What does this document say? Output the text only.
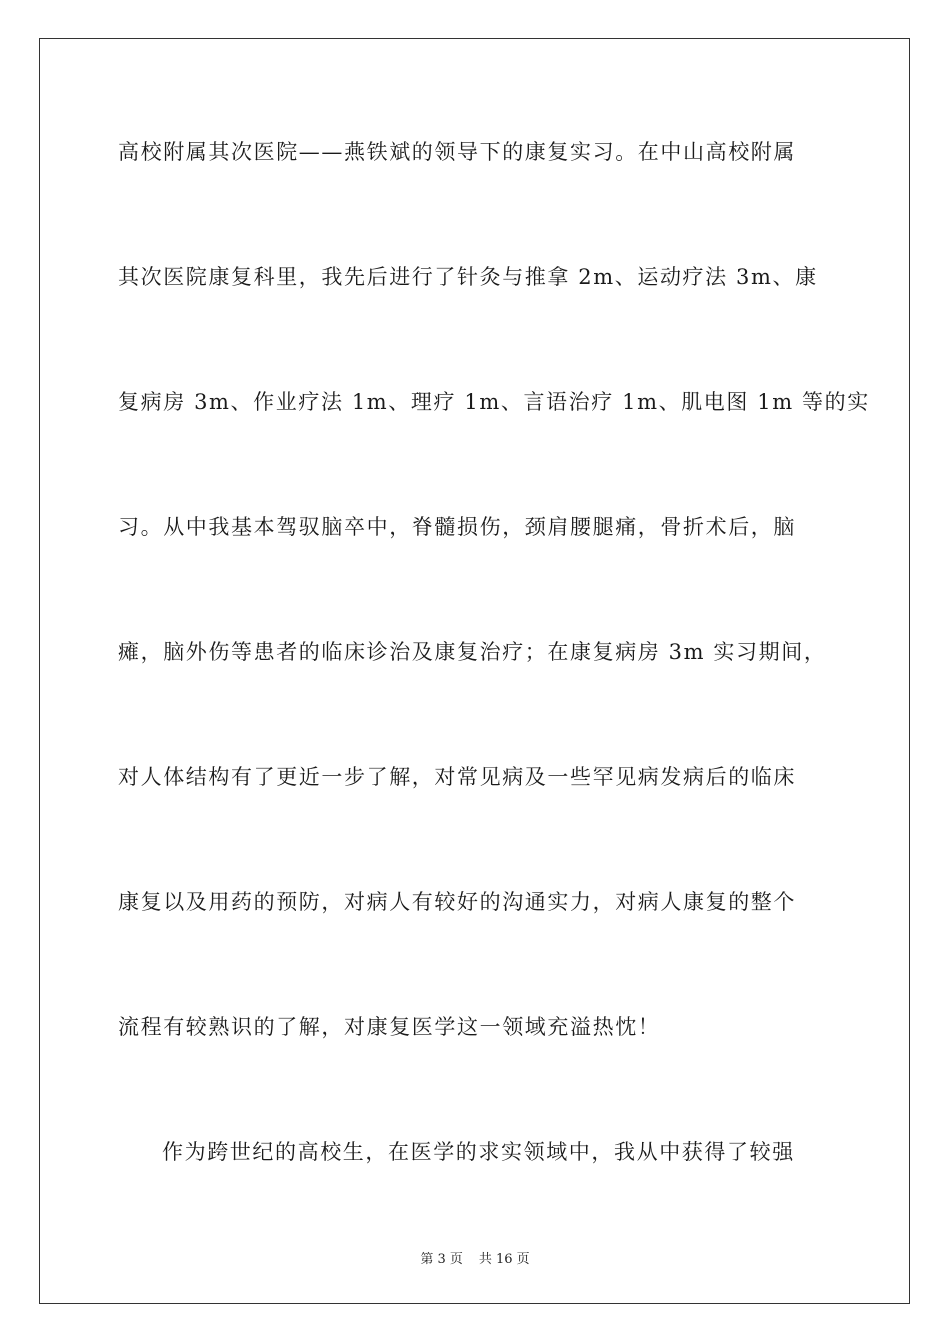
高校附属其次医院——燕铁斌的领导下的康复实习。在中山高校附属
其次医院康复科里，我先后进行了针灸与推拿 2m、运动疗法 3m、康
复病房 3m、作业疗法 1m、理疗 1m、言语治疗 1m、肌电图 1m 等的实
习。从中我基本驾驭脑卒中，脊髓损伤，颈肩腰腿痛，骨折术后，脑
瘫，脑外伤等患者的临床诊治及康复治疗；在康复病房 3m 实习期间，
对人体结构有了更近一步了解，对常见病及一些罕见病发病后的临床
康复以及用药的预防，对病人有较好的沟通实力，对病人康复的整个
流程有较熟识的了解，对康复医学这一领域充溢热忱！
作为跨世纪的高校生，在医学的求实领域中，我从中获得了较强
第 3 页 共 16 页
